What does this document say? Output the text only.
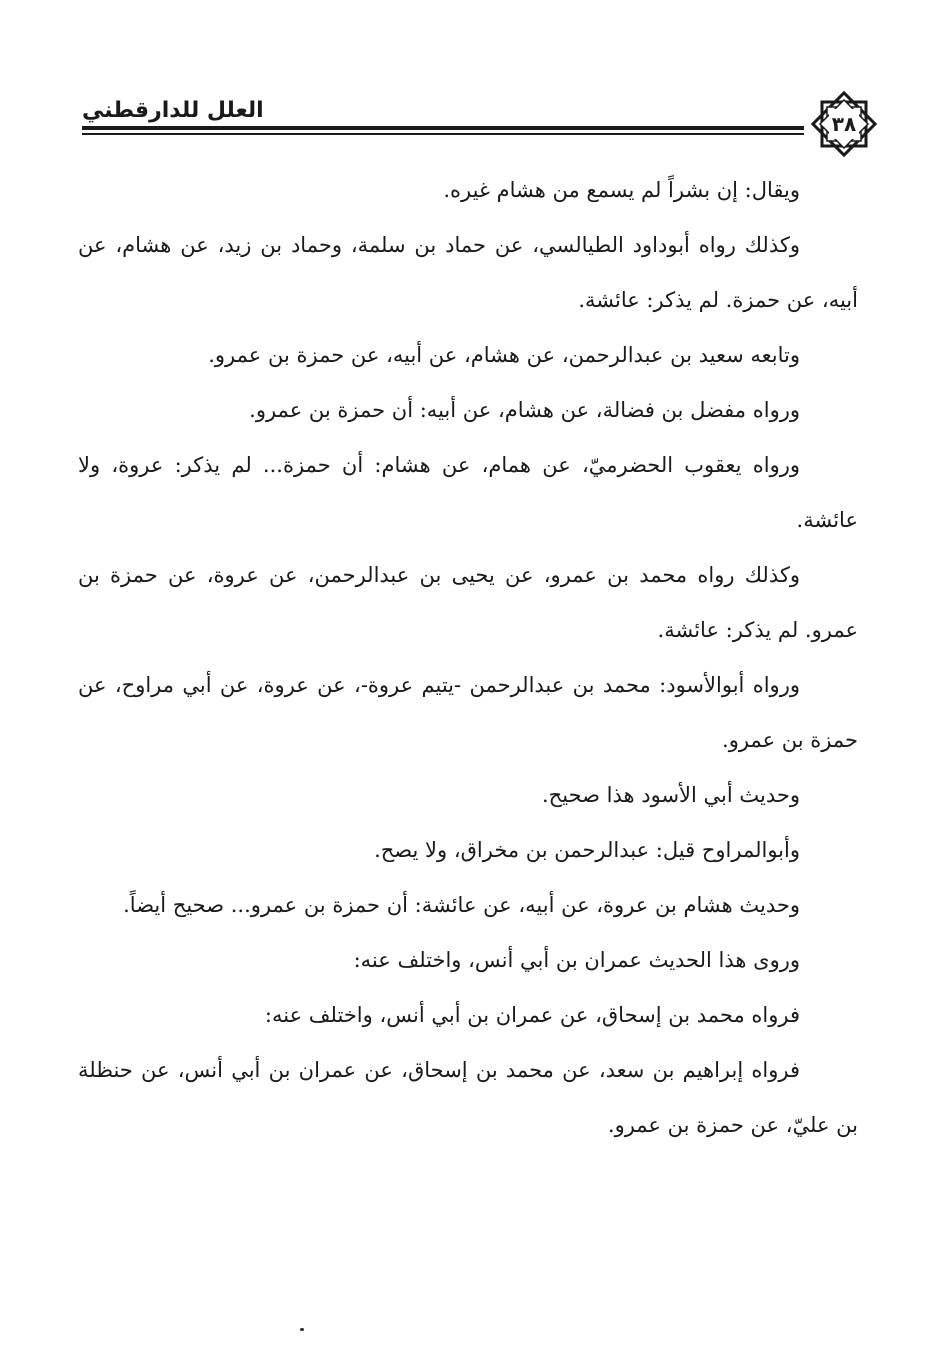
العلل للدارقطني
٣٨

ويقال: إن بشراً لم يسمع من هشام غيره.

وكذلك رواه أبوداود الطيالسي، عن حماد بن سلمة، وحماد بن زيد، عن هشام، عن أبيه، عن حمزة. لم يذكر: عائشة.

وتابعه سعيد بن عبدالرحمن، عن هشام، عن أبيه، عن حمزة بن عمرو.

ورواه مفضل بن فضالة، عن هشام، عن أبيه: أن حمزة بن عمرو.

ورواه يعقوب الحضرميّ، عن همام، عن هشام: أن حمزة... لم يذكر: عروة، ولا عائشة.

وكذلك رواه محمد بن عمرو، عن يحيى بن عبدالرحمن، عن عروة، عن حمزة بن عمرو. لم يذكر: عائشة.

ورواه أبوالأسود: محمد بن عبدالرحمن -يتيم عروة-، عن عروة، عن أبي مراوح، عن حمزة بن عمرو.

وحديث أبي الأسود هذا صحيح.

وأبوالمراوح قيل: عبدالرحمن بن مخراق، ولا يصح.

وحديث هشام بن عروة، عن أبيه، عن عائشة: أن حمزة بن عمرو... صحيح أيضاً.

وروى هذا الحديث عمران بن أبي أنس، واختلف عنه:

فرواه محمد بن إسحاق، عن عمران بن أبي أنس، واختلف عنه:

فرواه إبراهيم بن سعد، عن محمد بن إسحاق، عن عمران بن أبي أنس، عن حنظلة بن عليّ، عن حمزة بن عمرو.
